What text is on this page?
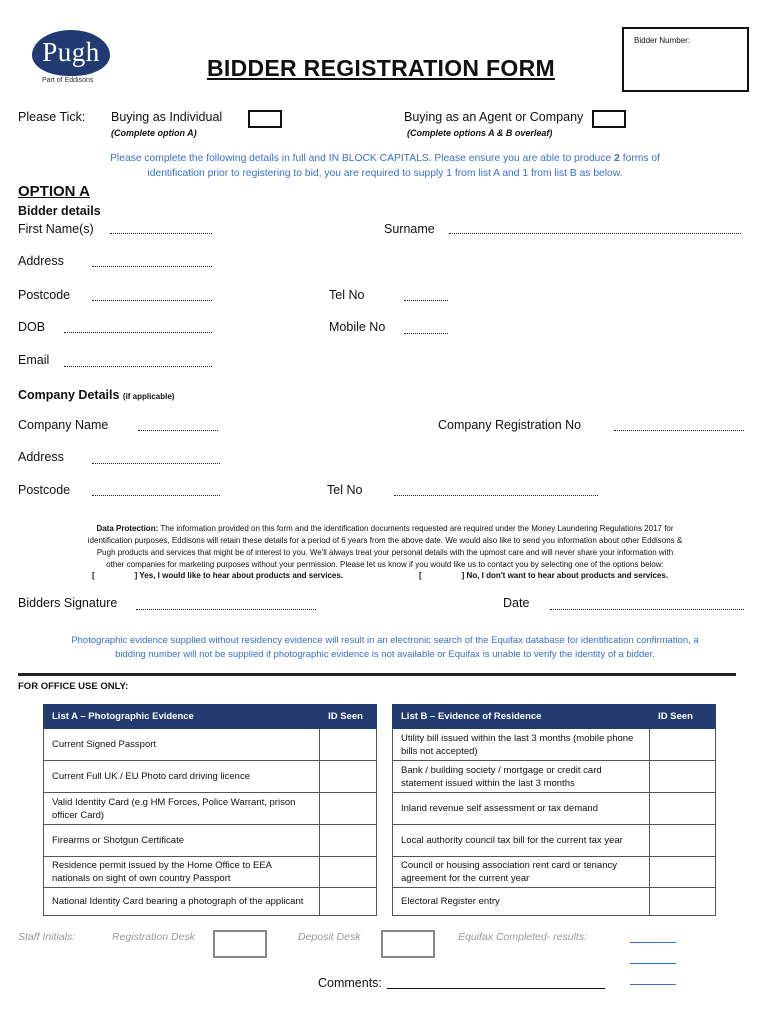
Pugh
Part of Eddisons	BIDDER REGISTRATION FORM
Bidder Number:
Please Tick: Buying as Individual
(Complete option A)
Buying as an Agent or Company
(Complete options A & B overleaf)
Please complete the following details in full and IN BLOCK CAPITALS. Please ensure you are able to produce 2 forms of
identification prior to registering to bid, you are required to supply 1 from list A and 1 from list B as below.
OPTION A
Bidder details
First Name(s)	Surname
Address
Postcode	Tel No
DOB	Mobile No
Email
Company Details (if applicable)
Company Name	Company Registration No
Address
Postcode	Tel No
Data Protection: The information provided on this form and the identification documents requested are required under the Money Laundering Regulations 2017 for
identification purposes, Eddisons will retain these details for a period of 6 years from the above date. We would also like to send you information about other Eddisons &
Pugh products and services that might be of interest to you. We'll always treat your personal details with the upmost care and will never share your information with
other companies for marketing purposes without your permission. Please let us know if you would like us to contact you by selecting one of the options below:
[	] Yes, I would like to hear about products and services.	[	] No, I don't want to hear about products and services.
Bidders Signature	Date
Photographic evidence supplied without residency evidence will result in an electronic search of the Equifax database for identification confirmation, a
bidding number will not be supplied if photographic evidence is not available or Equifax is unable to verify the identity of a bidder.
FOR OFFICE USE ONLY:
List A – Photographic Evidence	ID Seen
Current Signed Passport	
Current Full UK / EU Photo card driving licence	
Valid Identity Card (e.g HM Forces, Police Warrant, prison officer Card)	
Firearms or Shotgun Certificate	
Residence permit issued by the Home Office to EEA nationals on sight of own country Passport	
National Identity Card bearing a photograph of the applicant	
List B – Evidence of Residence	ID Seen
Utility bill issued within the last 3 months (mobile phone bills not accepted)	
Bank / building society / mortgage or credit card statement issued within the last 3 months	
Inland revenue self assessment or tax demand	
Local authority council tax bill for the current tax year	
Council or housing association rent card or tenancy agreement for the current year	
Electoral Register entry	
Staff Initials:	Registration Desk	Deposit Desk	Equifax Completed- results:
Comments:
